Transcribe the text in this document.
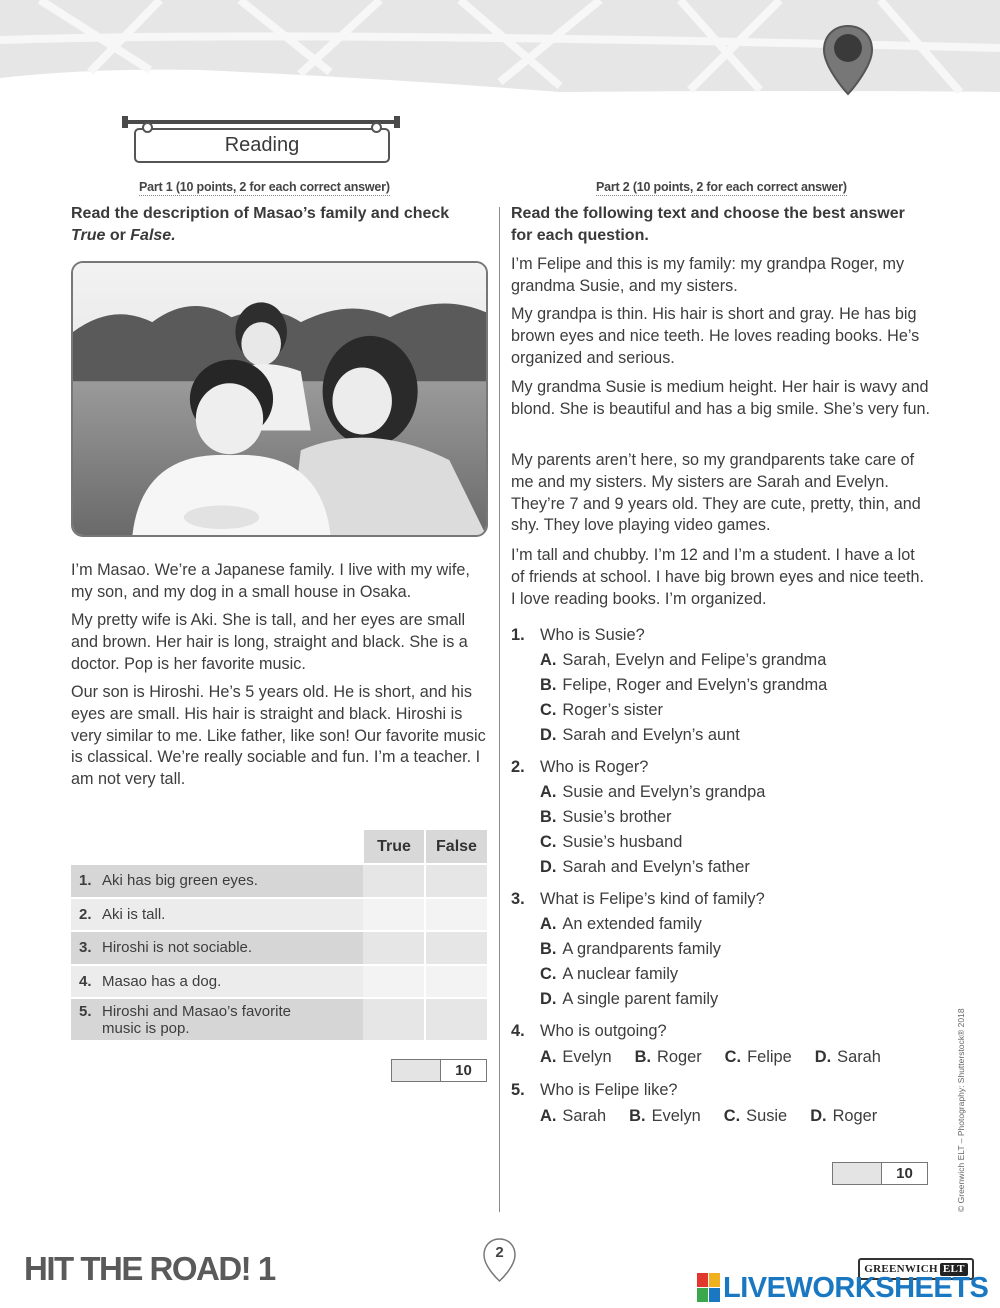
Reading
Part 1 (10 points, 2 for each correct answer)	Part 2 (10 points, 2 for each correct answer)
Read the description of Masao’s family and check
True or False.
I’m Masao. We’re a Japanese family. I live with my wife, my son, and my dog in a small house in Osaka.
My pretty wife is Aki. She is tall, and her eyes are small and brown. Her hair is long, straight and black. She is a doctor. Pop is her favorite music.
Our son is Hiroshi. He’s 5 years old. He is short, and his eyes are small. His hair is straight and black. Hiroshi is very similar to me. Like father, like son! Our favorite music is classical. We’re really sociable and fun. I’m a teacher. I am not very tall.
	True	False
1. Aki has big green eyes.		
2. Aki is tall.		
3. Hiroshi is not sociable.		
4. Masao has a dog.		
5. Hiroshi and Masao’s favorite music is pop.		
10
Read the following text and choose the best answer for each question.
I’m Felipe and this is my family: my grandpa Roger, my grandma Susie, and my sisters.
My grandpa is thin. His hair is short and gray. He has big brown eyes and nice teeth. He loves reading books. He’s organized and serious.
My grandma Susie is medium height. Her hair is wavy and blond. She is beautiful and has a big smile. She’s very fun.
My parents aren’t here, so my grandparents take care of me and my sisters. My sisters are Sarah and Evelyn. They’re 7 and 9 years old. They are cute, pretty, thin, and shy. They love playing video games.
I’m tall and chubby. I’m 12 and I’m a student. I have a lot of friends at school. I have big brown eyes and nice teeth. I love reading books. I’m organized.
1. Who is Susie?
A. Sarah, Evelyn and Felipe’s grandma
B. Felipe, Roger and Evelyn’s grandma
C. Roger’s sister
D. Sarah and Evelyn’s aunt
2. Who is Roger?
A. Susie and Evelyn’s grandpa
B. Susie’s brother
C. Susie’s husband
D. Sarah and Evelyn’s father
3. What is Felipe’s kind of family?
A. An extended family
B. A grandparents family
C. A nuclear family
D. A single parent family
4. Who is outgoing?
A. Evelyn B. Roger C. Felipe D. Sarah
5. Who is Felipe like?
A. Sarah B. Evelyn C. Susie D. Roger
10	© Greenwich ELT – Photography: Shutterstock® 2018
HIT THE ROAD! 1	2
GREENWICH ELT
LIVEWORKSHEETS
